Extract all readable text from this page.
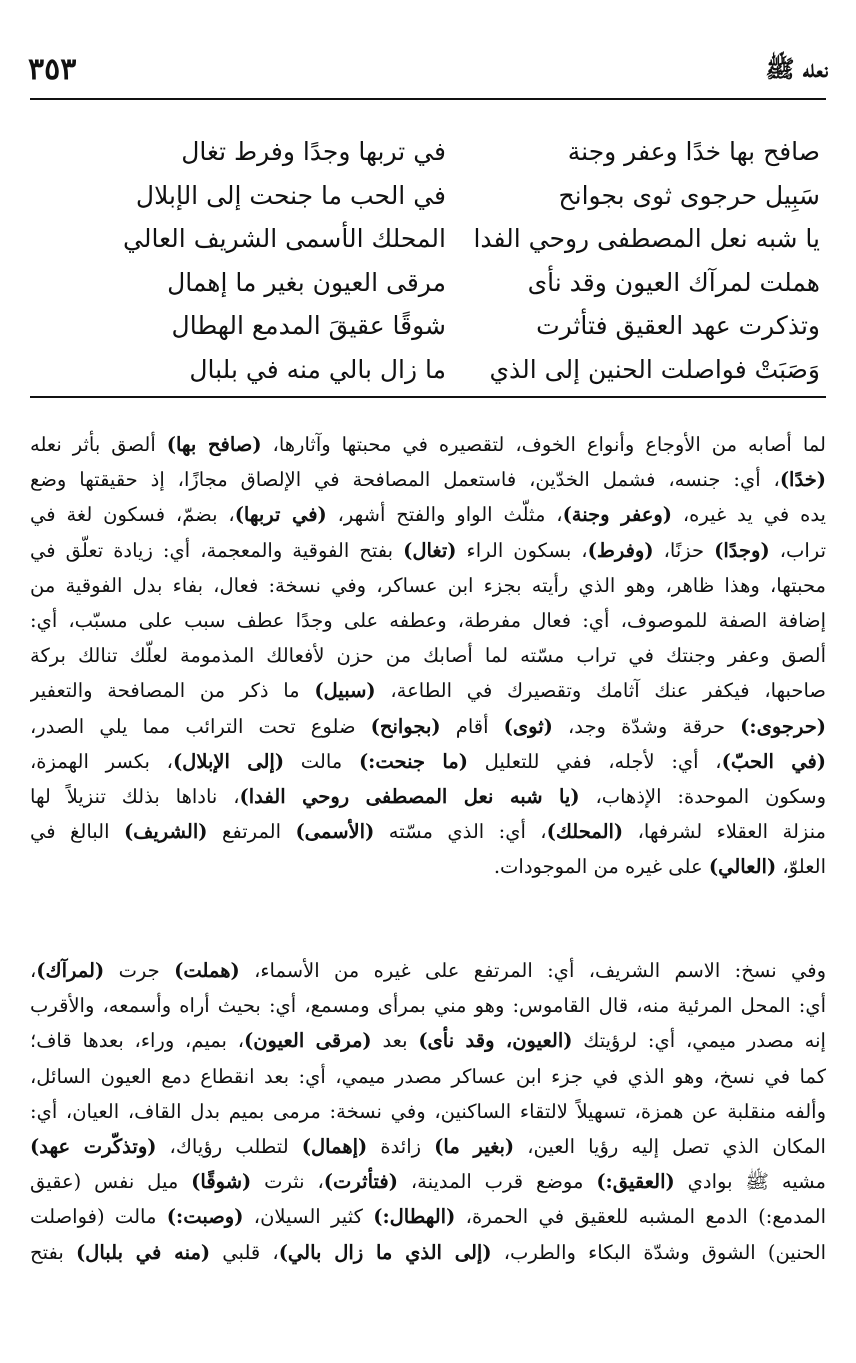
٣٥٣	نعله ﷺ
صافح بها خدًا وعفر وجنة
في تربها وجدًا وفرط تغال
سَبِيل حرجوى ثوى بجوانح
في الحب ما جنحت إلى الإبلال
يا شبه نعل المصطفى روحي الفدا
المحلك الأسمى الشريف العالي
هملت لمرآك العيون وقد نأى
مرقى العيون بغير ما إهمال
وتذكرت عهد العقيق فتأثرت
شوقًا عقيقَ المدمع الهطال
وَصَبَتْ فواصلت الحنين إلى الذي
ما زال بالي منه في بلبال
لما أصابه من الأوجاع وأنواع الخوف، لتقصيره في محبتها وآثارها، (صافح بها) ألصق بأثر نعله
(خدًا)، أي: جنسه، فشمل الخدّين، فاستعمل المصافحة في الإلصاق مجازًا، إذ حقيقتها وضع
يده في يد غيره، (وعفر وجنة)، مثلّث الواو والفتح أشهر، (في تربها)، بضمّ، فسكون لغة في
تراب، (وجدًا) حزنًا، (وفرط)، بسكون الراء (تغال) بفتح الفوقية والمعجمة، أي: زيادة تعلّق في
محبتها، وهذا ظاهر، وهو الذي رأيته بجزء ابن عساكر، وفي نسخة: فعال، بفاء بدل الفوقية من
إضافة الصفة للموصوف، أي: فعال مفرطة، وعطفه على وجدًا عطف سبب على مسبّب، أي:
ألصق وعفر وجنتك في تراب مسّته لما أصابك من حزن لأفعالك المذمومة لعلّك تنالك بركة
صاحبها، فيكفر عنك آثامك وتقصيرك في الطاعة، (سبيل) ما ذكر من المصافحة والتعفير
(حرجوى:) حرقة وشدّة وجد، (ثوى) أقام (بجوانح) ضلوع تحت الترائب مما يلي الصدر،
(في الحبّ)، أي: لأجله، ففي للتعليل (ما جنحت:) مالت (إلى الإبلال)، بكسر الهمزة،
وسكون الموحدة: الإذهاب، (يا شبه نعل المصطفى روحي الفدا)، ناداها بذلك تنزيلاً لها
منزلة العقلاء لشرفها، (المحلك)، أي: الذي مسّته (الأسمى) المرتفع (الشريف) البالغ في
العلوّ، (العالي) على غيره من الموجودات.
وفي نسخ: الاسم الشريف، أي: المرتفع على غيره من الأسماء، (هملت) جرت (لمرآك)،
أي: المحل المرئية منه، قال القاموس: وهو مني بمرأى ومسمع، أي: بحيث أراه وأسمعه، والأقرب
إنه مصدر ميمي، أي: لرؤيتك (العيون، وقد نأى) بعد (مرقى العيون)، بميم، وراء، بعدها قاف؛
كما في نسخ، وهو الذي في جزء ابن عساكر مصدر ميمي، أي: بعد انقطاع دمع العيون السائل،
وألفه منقلبة عن همزة، تسهيلاً لالتقاء الساكنين، وفي نسخة: مرمى بميم بدل القاف، العيان، أي:
المكان الذي تصل إليه رؤيا العين، (بغير ما) زائدة (إهمال) لتطلب رؤياك، (وتذكّرت عهد)
مشيه ﷺ بوادي (العقيق:) موضع قرب المدينة، (فتأثرت)، نثرت (شوقًا) ميل نفس (عقيق
المدمع:) الدمع المشبه للعقيق في الحمرة، (الهطال:) كثير السيلان، (وصبت:) مالت (فواصلت
الحنين) الشوق وشدّة البكاء والطرب، (إلى الذي ما زال بالي)، قلبي (منه في بلبال) بفتح
